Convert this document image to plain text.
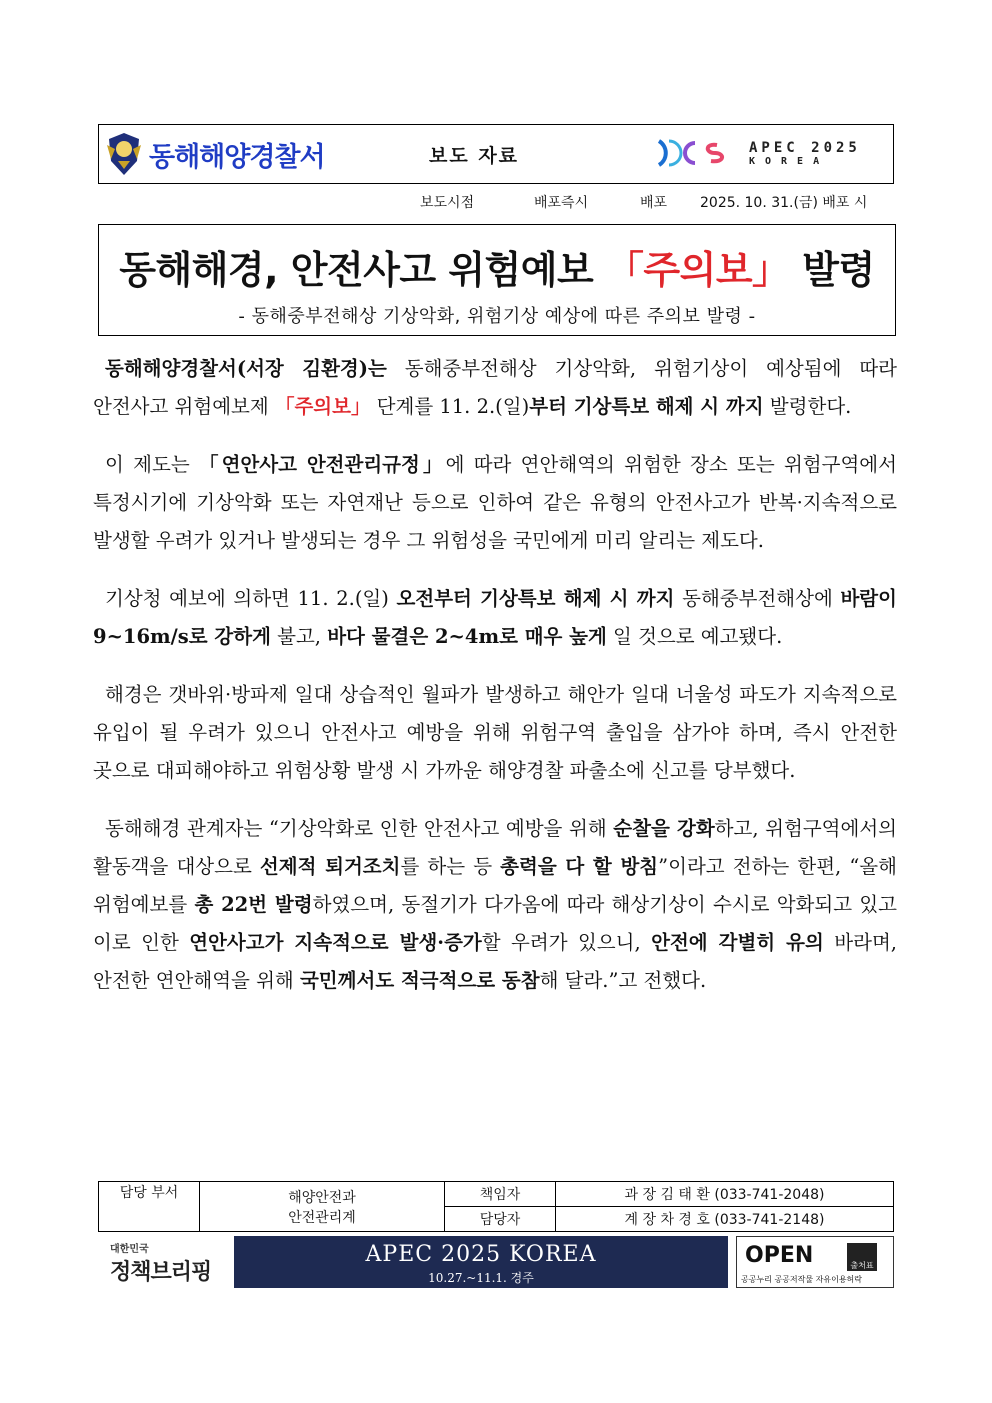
동해해양경찰서	보도 자료	APEC 2025
KOREA
보도시점	배포즉시	배포 2025. 10. 31.(금) 배포 시
동해해경, 안전사고 위험예보 「주의보」 발령
- 동해중부전해상 기상악화, 위험기상 예상에 따른 주의보 발령 -

동해해양경찰서(서장 김환경)는 동해중부전해상 기상악화, 위험기상이 예상됨에 따라 안전사고 위험예보제 「주의보」 단계를 11. 2.(일)부터 기상특보 해제 시 까지 발령한다.

이 제도는 「연안사고 안전관리규정」에 따라 연안해역의 위험한 장소 또는 위험구역에서 특정시기에 기상악화 또는 자연재난 등으로 인하여 같은 유형의 안전사고가 반복·지속적으로 발생할 우려가 있거나 발생되는 경우 그 위험성을 국민에게 미리 알리는 제도다.

기상청 예보에 의하면 11. 2.(일) 오전부터 기상특보 해제 시 까지 동해중부전해상에 바람이 9~16m/s로 강하게 불고, 바다 물결은 2~4m로 매우 높게 일 것으로 예고됐다.

해경은 갯바위·방파제 일대 상습적인 월파가 발생하고 해안가 일대 너울성 파도가 지속적으로 유입이 될 우려가 있으니 안전사고 예방을 위해 위험구역 출입을 삼가야 하며, 즉시 안전한 곳으로 대피해야하고 위험상황 발생 시 가까운 해양경찰 파출소에 신고를 당부했다.

동해해경 관계자는 “기상악화로 인한 안전사고 예방을 위해 순찰을 강화하고, 위험구역에서의 활동객을 대상으로 선제적 퇴거조치를 하는 등 총력을 다 할 방침”이라고 전하는 한편, “올해 위험예보를 총 22번 발령하였으며, 동절기가 다가옴에 따라 해상기상이 수시로 악화되고 있고 이로 인한 연안사고가 지속적으로 발생·증가할 우려가 있으니, 안전에 각별히 유의 바라며, 안전한 연안해역을 위해 국민께서도 적극적으로 동참해 달라.”고 전했다.

담당 부서	해양안전과
안전관리계	책임자	과 장 김 태 환 (033-741-2048)
		담당자	계 장 차 경 호 (033-741-2148)
대한민국
정책브리핑
APEC 2025 KOREA
10.27.~11.1. 경주
OPEN	출처표시
공공누리 공공저작물 자유이용허락
